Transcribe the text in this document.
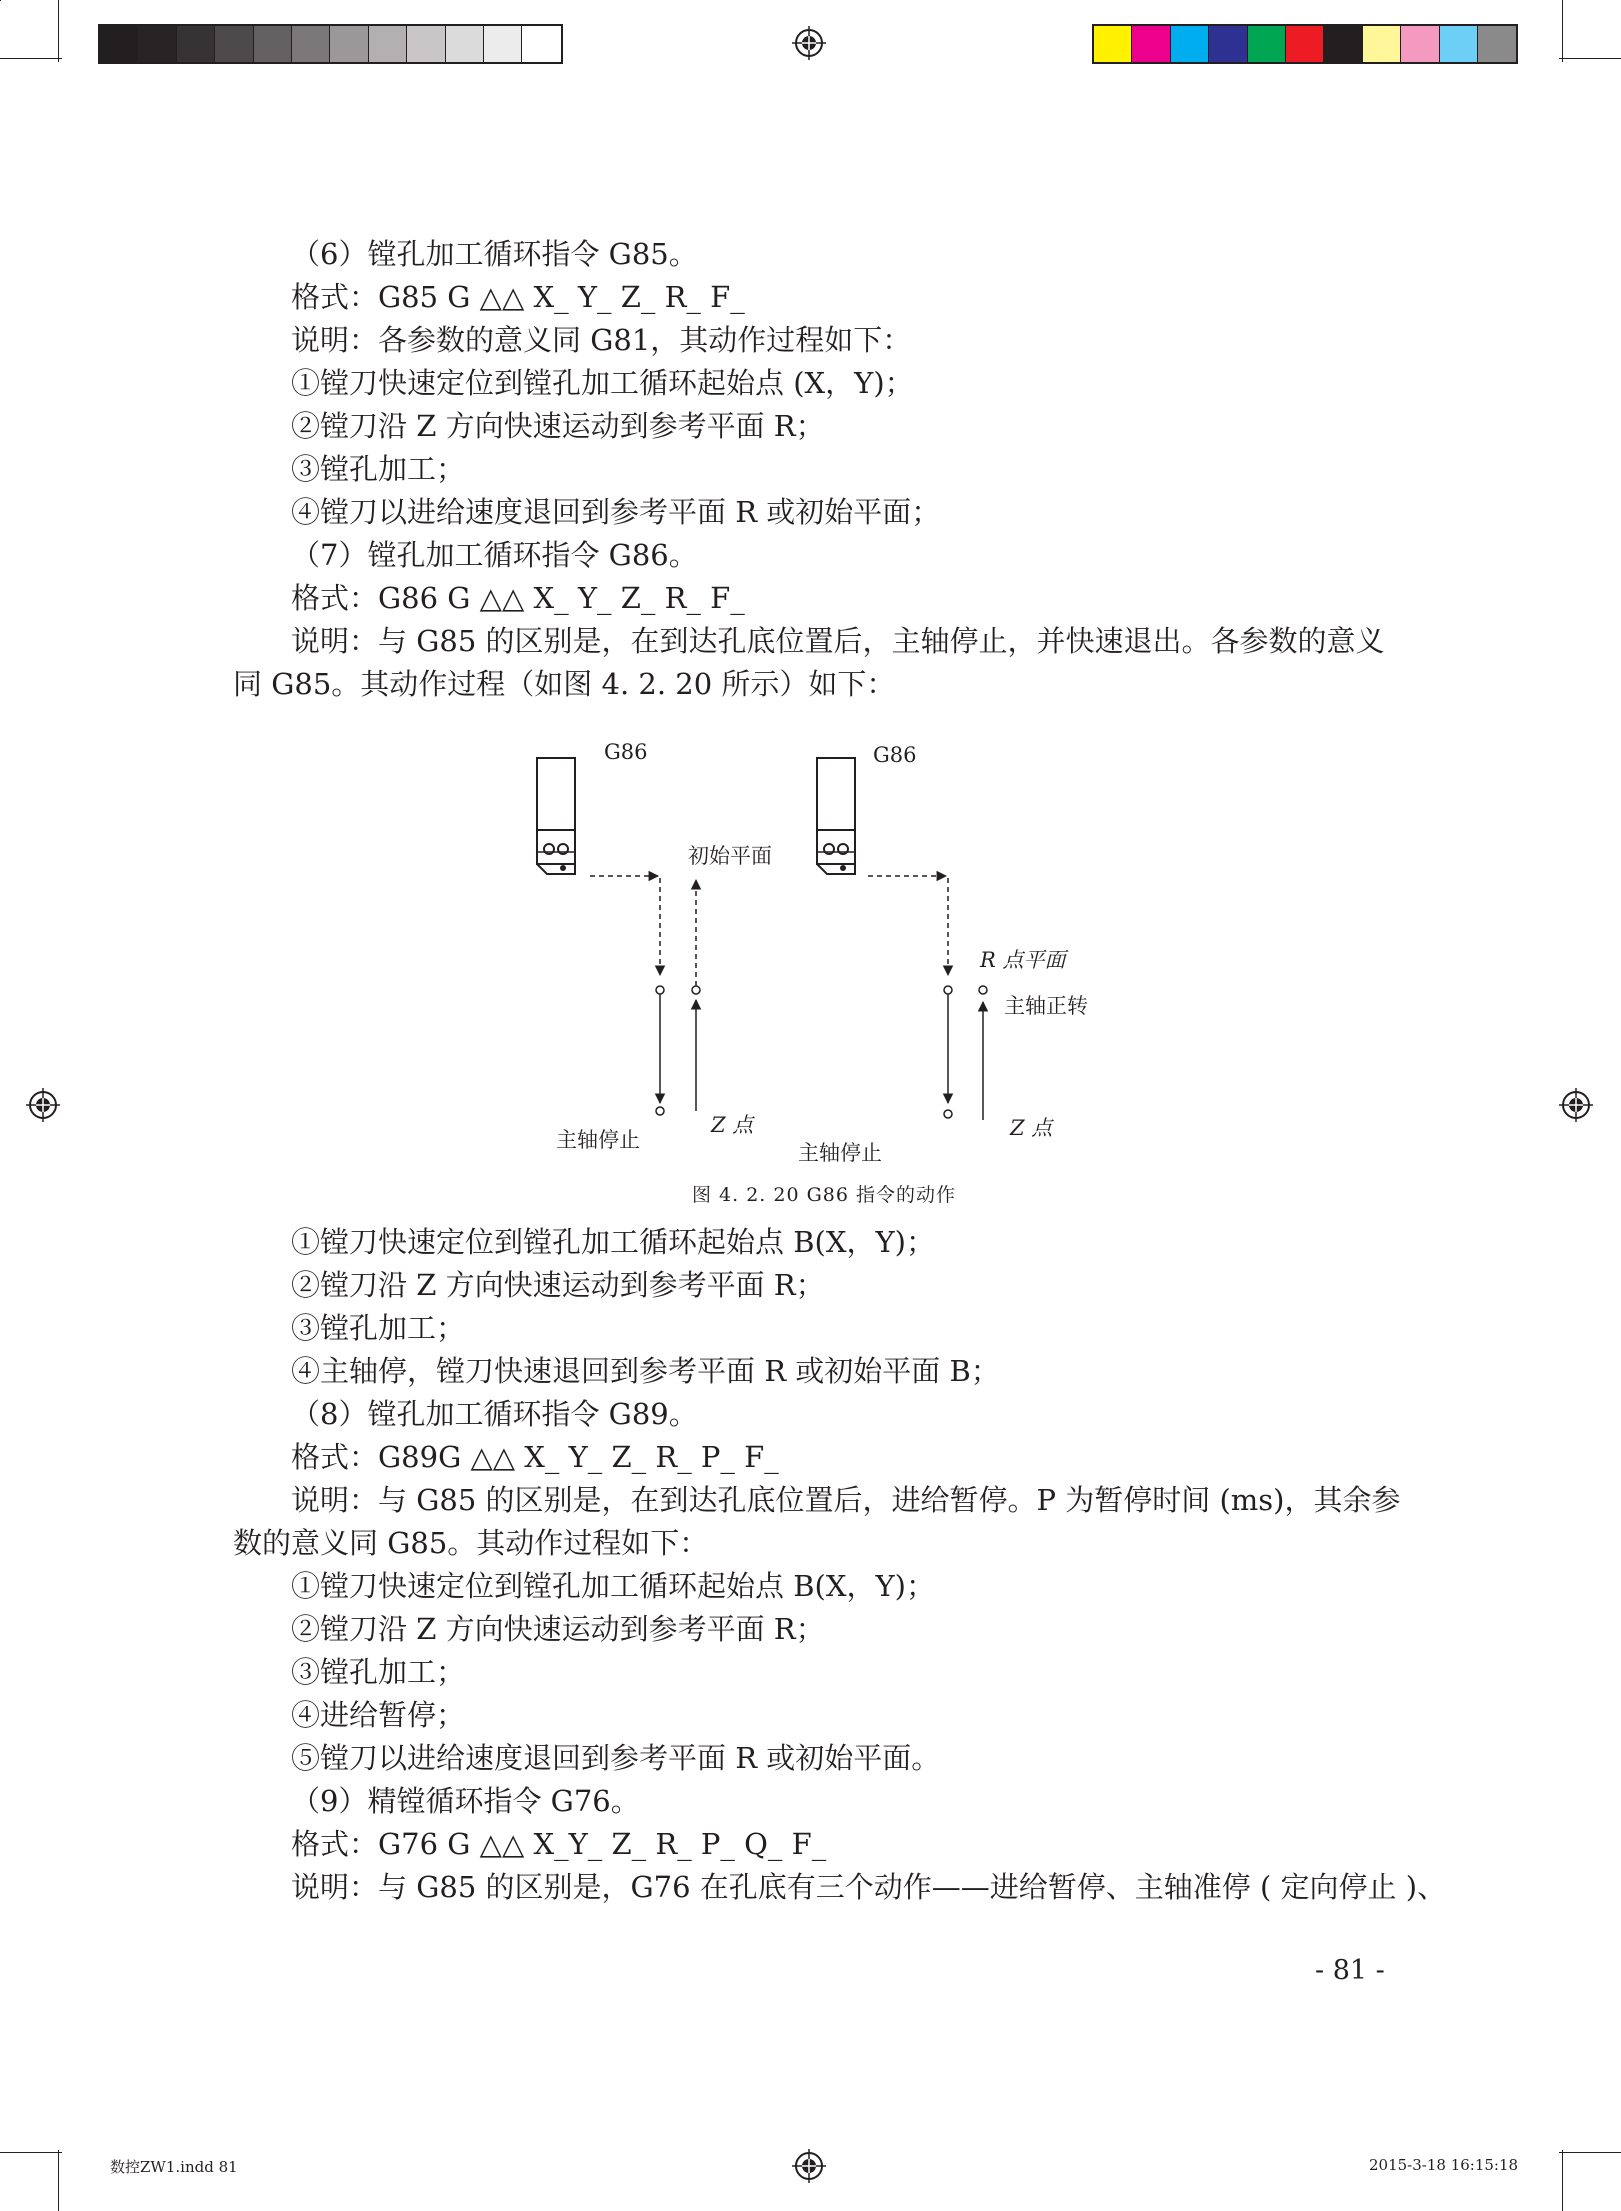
（6）镗孔加工循环指令 G85。
格式：G85 G △△ X_ Y_ Z_ R_ F_
说明：各参数的意义同 G81，其动作过程如下：
①镗刀快速定位到镗孔加工循环起始点 (X，Y)；
②镗刀沿 Z 方向快速运动到参考平面 R；
③镗孔加工；
④镗刀以进给速度退回到参考平面 R 或初始平面；
（7）镗孔加工循环指令 G86。
格式：G86 G △△ X_ Y_ Z_ R_ F_
说明：与 G85 的区别是，在到达孔底位置后，主轴停止，并快速退出。各参数的意义
同 G85。其动作过程（如图 4. 2. 20 所示）如下：
G86	G86
初始平面
R 点平面
主轴正转
主轴停止
Z 点
主轴停止
Z 点
图 4. 2. 20 G86 指令的动作
①镗刀快速定位到镗孔加工循环起始点 B(X，Y)；
②镗刀沿 Z 方向快速运动到参考平面 R；
③镗孔加工；
④主轴停，镗刀快速退回到参考平面 R 或初始平面 B；
（8）镗孔加工循环指令 G89。
格式：G89G △△ X_ Y_ Z_ R_ P_ F_
说明：与 G85 的区别是，在到达孔底位置后，进给暂停。P 为暂停时间 (ms)，其余参
数的意义同 G85。其动作过程如下：
①镗刀快速定位到镗孔加工循环起始点 B(X，Y)；
②镗刀沿 Z 方向快速运动到参考平面 R；
③镗孔加工；
④进给暂停；
⑤镗刀以进给速度退回到参考平面 R 或初始平面。
（9）精镗循环指令 G76。
格式：G76 G △△ X_Y_ Z_ R_ P_ Q_ F_
说明：与 G85 的区别是，G76 在孔底有三个动作——进给暂停、主轴准停 ( 定向停止 )、
- 81 -
数控ZW1.indd 81	2015-3-18 16:15:18
